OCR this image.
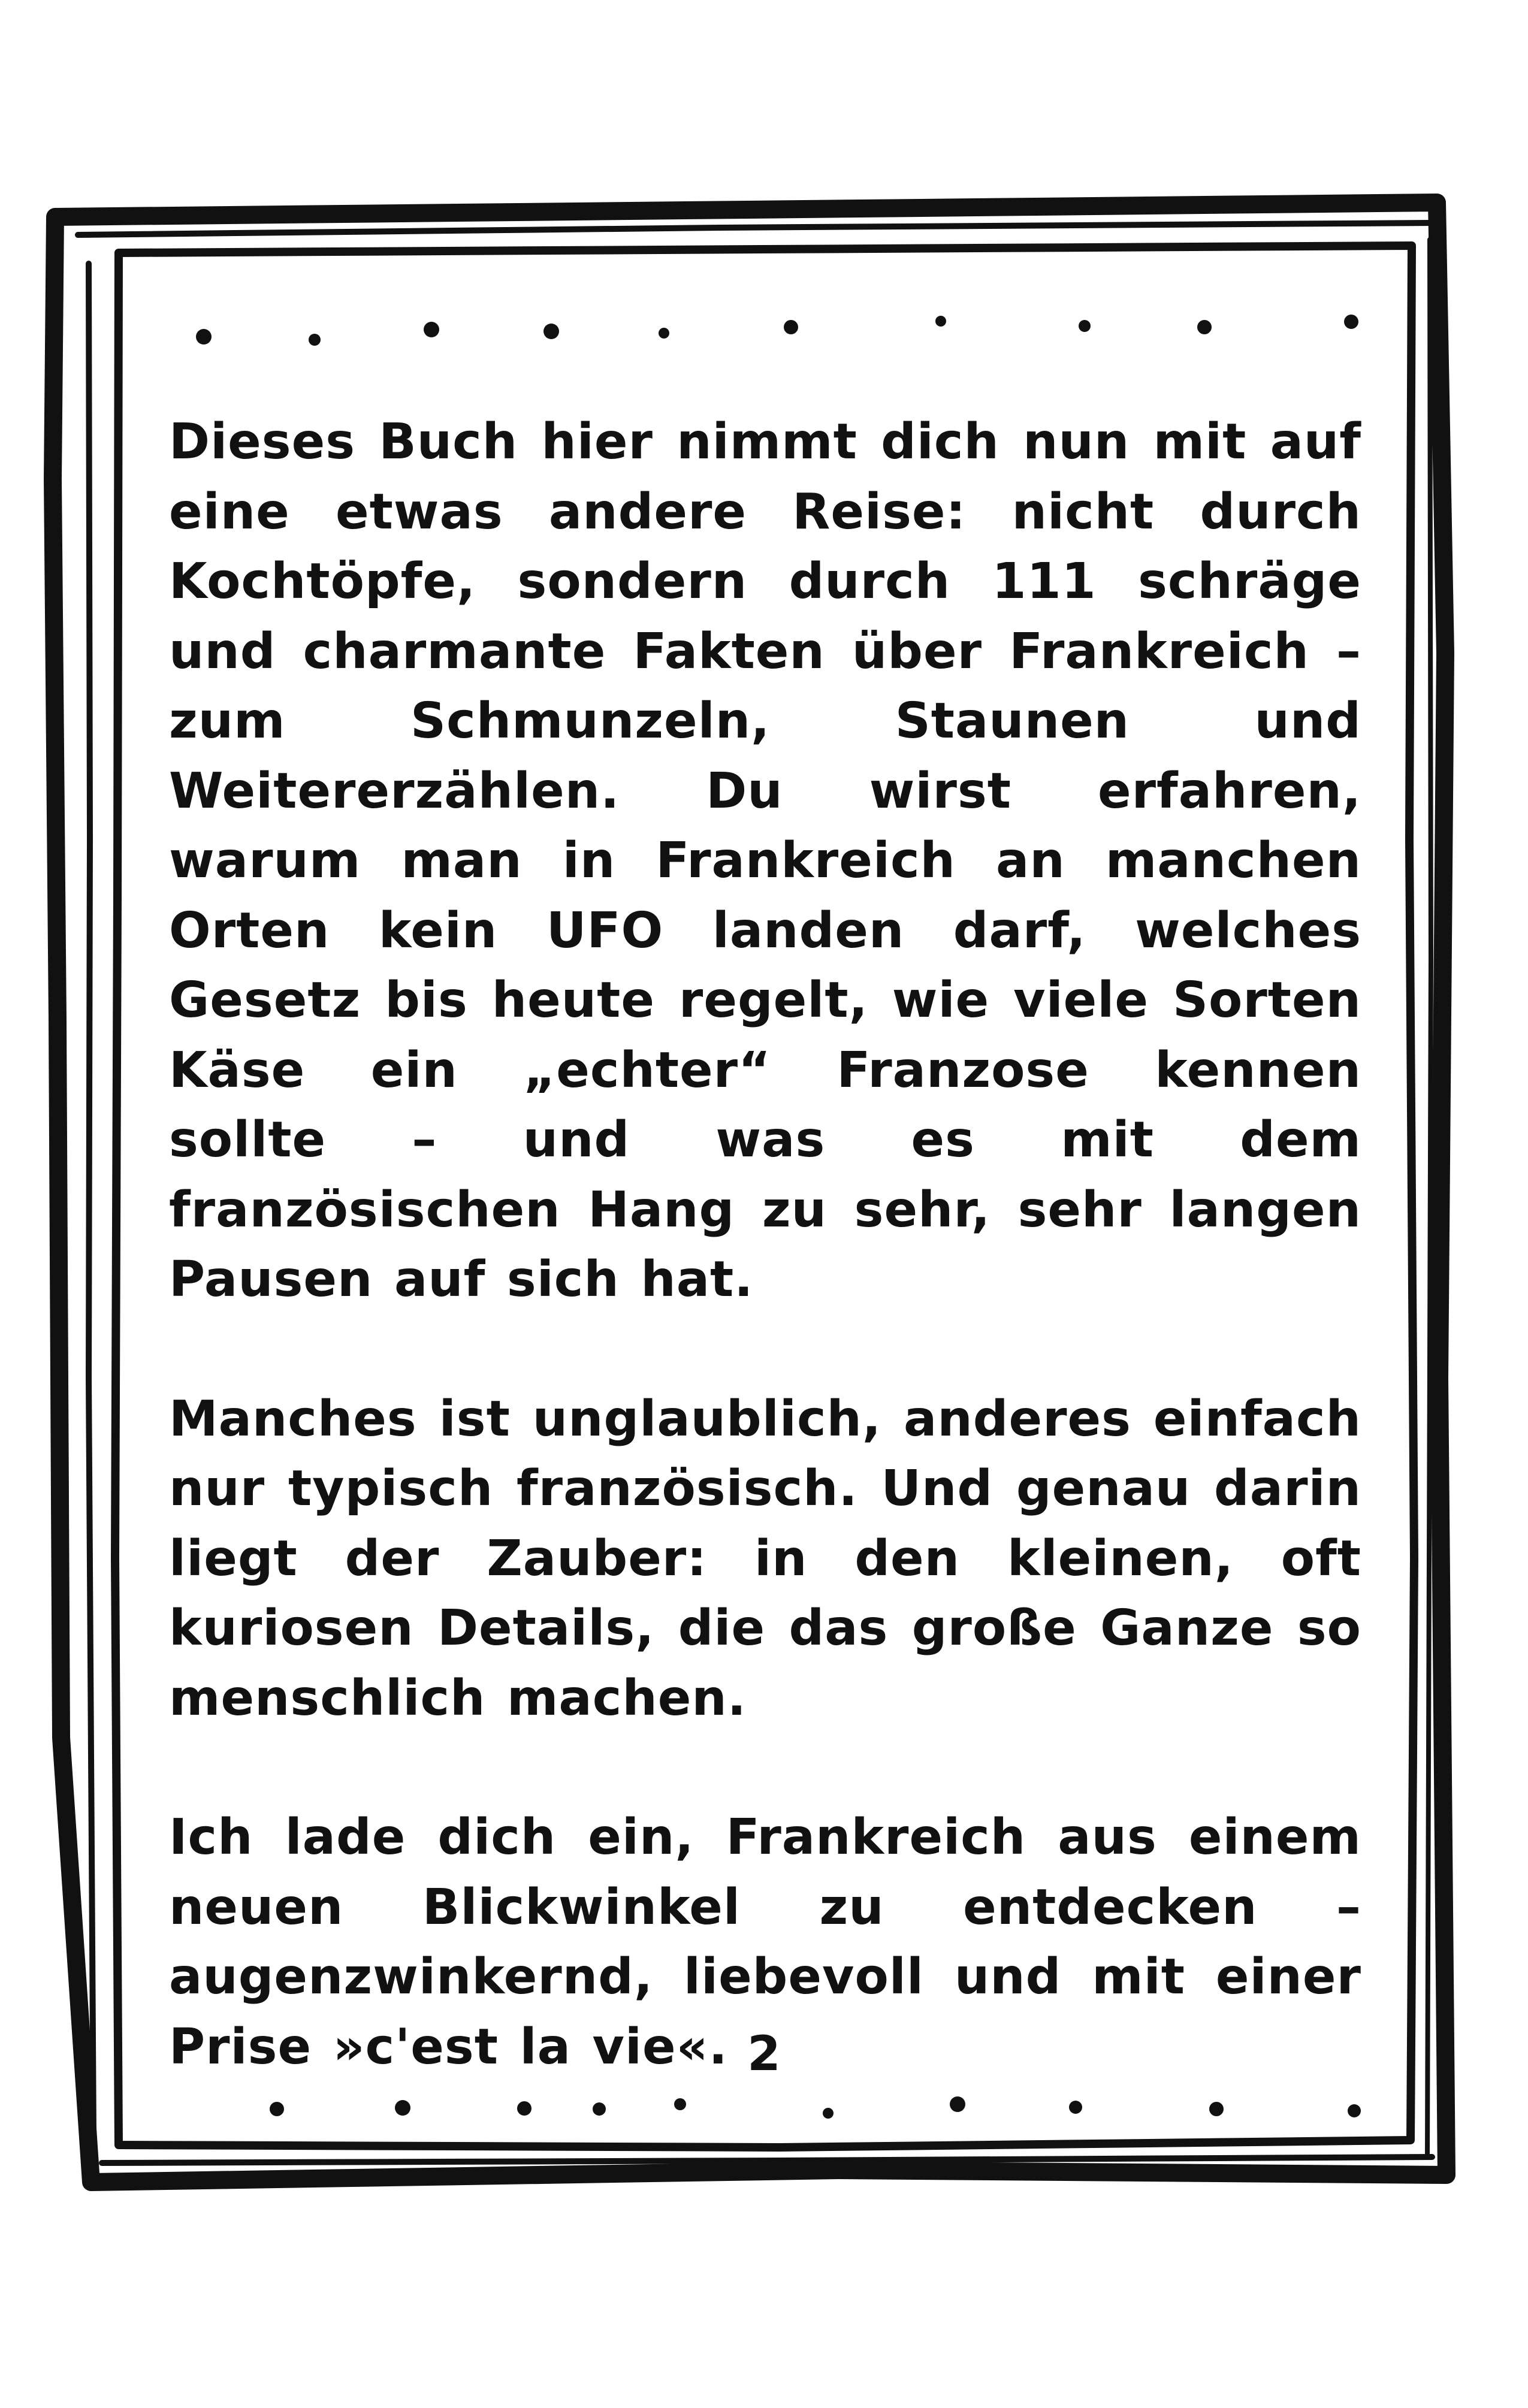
Dieses Buch hier nimmt dich nun mit auf eine etwas andere Reise: nicht durch Kochtöpfe, sondern durch 111 schräge und charmante Fakten über Frankreich – zum Schmunzeln, Staunen und Weitererzählen. Du wirst erfahren, warum man in Frankreich an manchen Orten kein UFO landen darf, welches Gesetz bis heute regelt, wie viele Sorten Käse ein „echter“ Franzose kennen sollte – und was es mit dem französischen Hang zu sehr, sehr langen Pausen auf sich hat.

Manches ist unglaublich, anderes einfach nur typisch französisch. Und genau darin liegt der Zauber: in den kleinen, oft kuriosen Details, die das große Ganze so menschlich machen.

Ich lade dich ein, Frankreich aus einem neuen Blickwinkel zu entdecken – augenzwinkernd, liebevoll und mit einer Prise »c'est la vie«. 2
